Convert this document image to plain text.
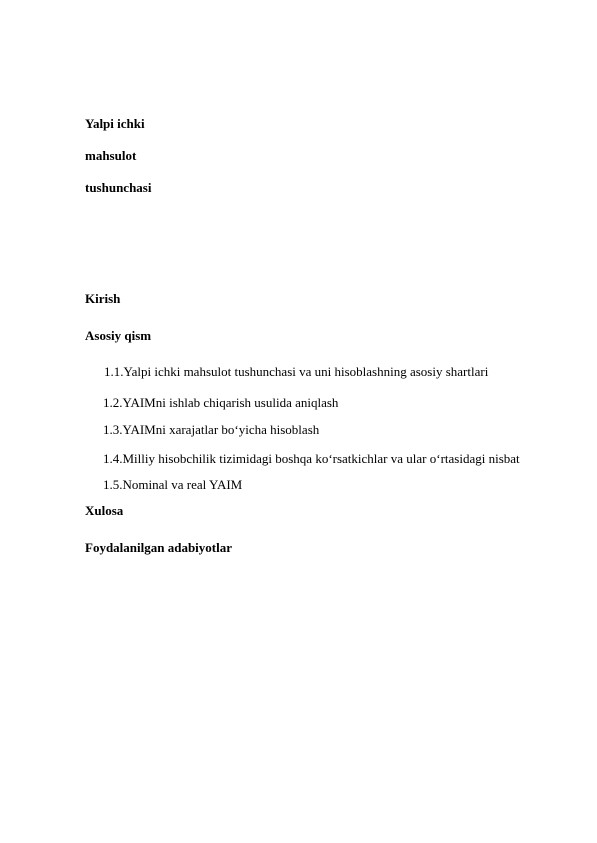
Yalpi ichki
mahsulot
tushunchasi
Kirish
Asosiy qism
1.1.Yalpi ichki mahsulot tushunchasi va uni hisoblashning asosiy shartlari
1.2.YAIMni ishlab chiqarish usulida aniqlash
1.3.YAIMni xarajatlar bo‘yicha hisoblash
1.4.Milliy hisobchilik tizimidagi boshqa ko‘rsatkichlar va ular o‘rtasidagi nisbat
1.5.Nominal va real YAIM
Xulosa
Foydalanilgan adabiyotlar
